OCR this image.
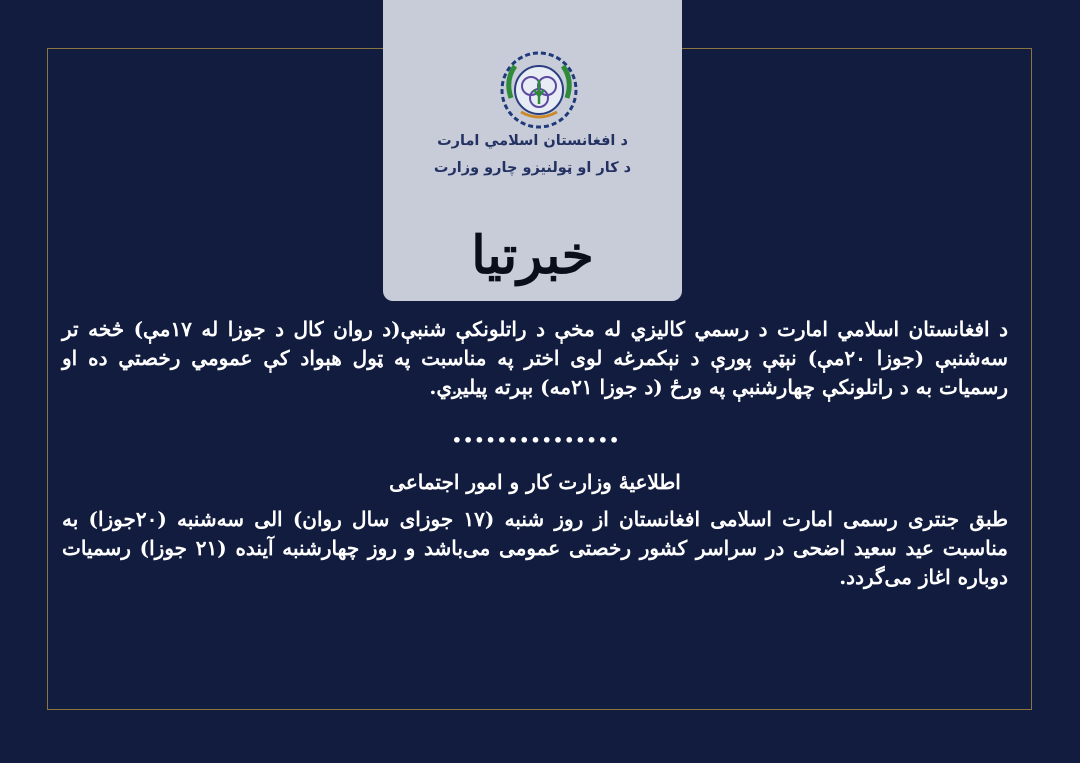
د افغانستان اسلامي امارت
د کار او ټولنیزو چارو وزارت
خبرتیا

د افغانستان اسلامي امارت د رسمي کالیزي له مخې د راتلونکې شنبې(د روان کال د جوزا له ۱۷مې) څخه تر سه‌شنبې (جوزا ۲۰مې) نېټې پورې د نېکمرغه لوی اختر په مناسبت په ټول هېواد کې عمومي رخصتي ده او رسمیات به د راتلونکې چهارشنبې په ورځ (د جوزا ۲۱مه) بېرته پیلیږي.

•••••••••••••••
اطلاعیهٔ وزارت کار و امور اجتماعی

طبق جنتری رسمی امارت اسلامی افغانستان از روز شنبه (۱۷ جوزای سال روان) الی سه‌شنبه (۲۰جوزا) به مناسبت عید سعید اضحی در سراسر کشور رخصتی عمومی می‌باشد و روز چهارشنبه آینده (۲۱ جوزا) رسمیات دوباره اغاز می‌گردد.
